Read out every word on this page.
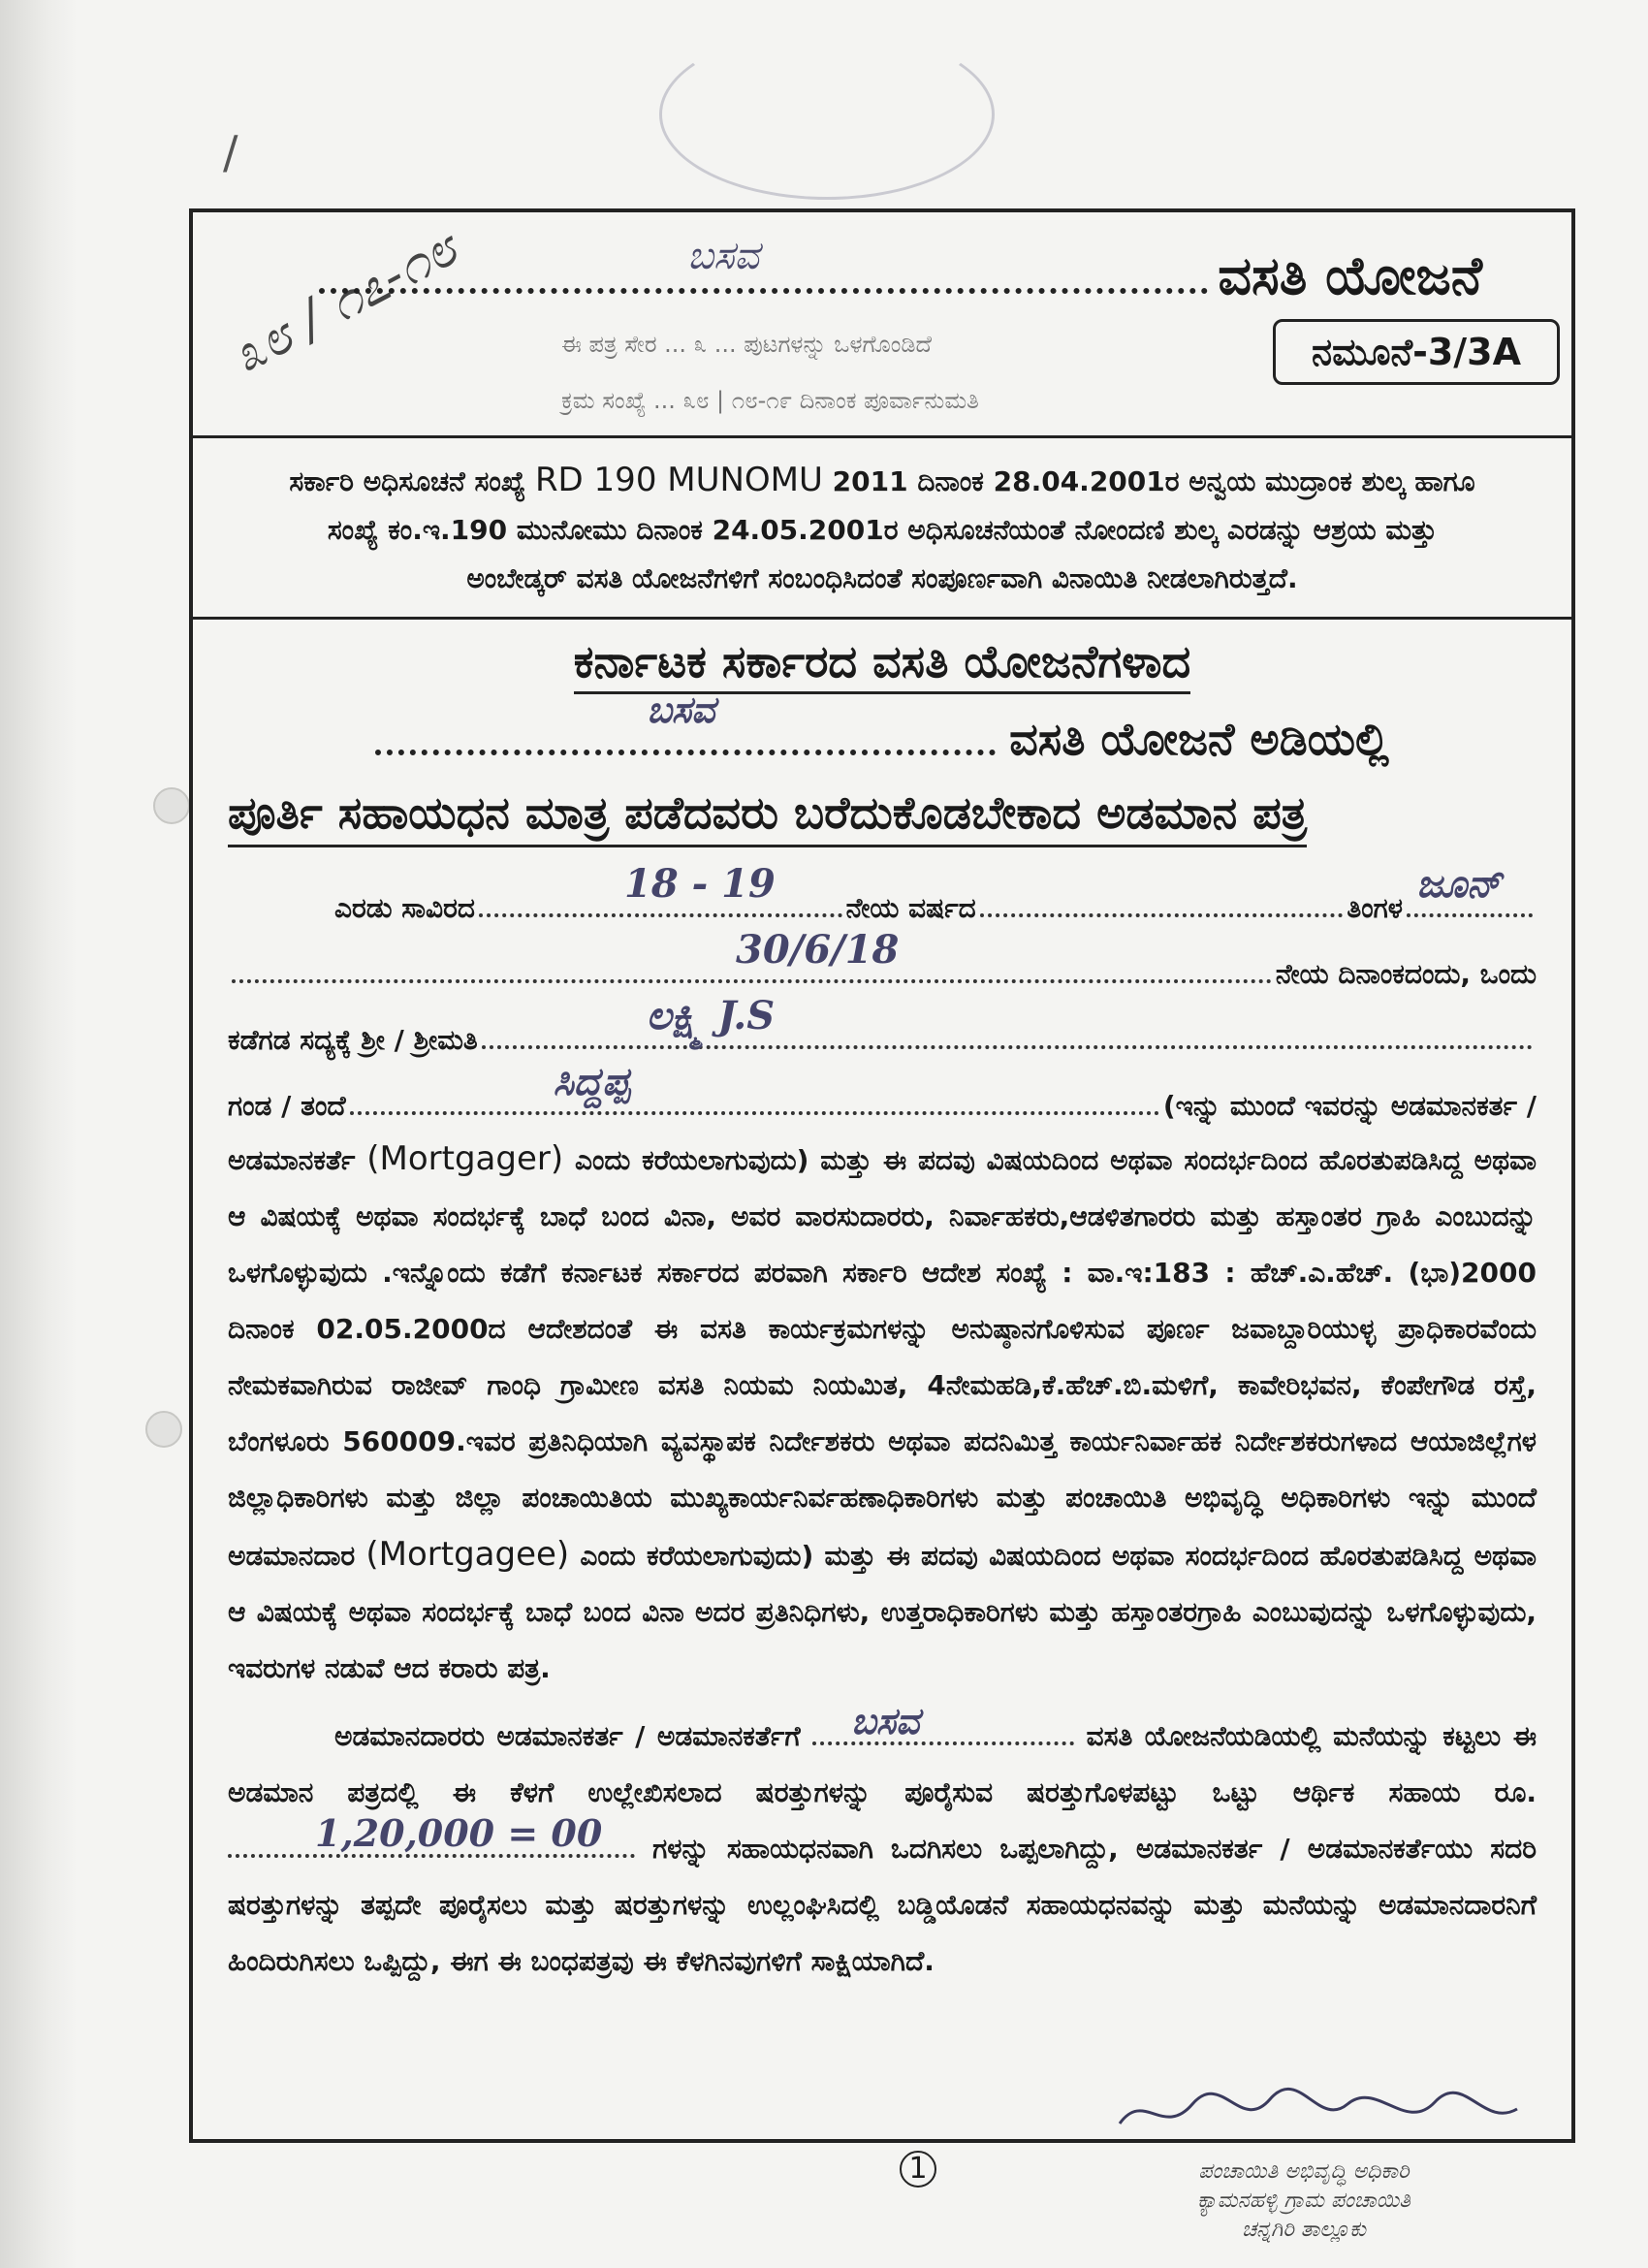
/
೩೮ / ೧೭-೧೮	ಬಸವ	ವಸತಿ ಯೋಜನೆ
ಈ ಪತ್ರ ಸೇರ ... ೩ ... ಪುಟಗಳನ್ನು ಒಳಗೊಂಡಿದೆ
ಕ್ರಮ ಸಂಖ್ಯೆ ... ೩೮ | ೧೮-೧೯ ದಿನಾಂಕ ಪೂರ್ವಾನುಮತಿ
ನಮೂನೆ-3/3A
ಸರ್ಕಾರಿ ಅಧಿಸೂಚನೆ ಸಂಖ್ಯೆ RD 190 MUNOMU 2011 ದಿನಾಂಕ 28.04.2001ರ ಅನ್ವಯ ಮುದ್ರಾಂಕ ಶುಲ್ಕ ಹಾಗೂ
ಸಂಖ್ಯೆ ಕಂ.ಇ.190 ಮುನೋಮು ದಿನಾಂಕ 24.05.2001ರ ಅಧಿಸೂಚನೆಯಂತೆ ನೋಂದಣಿ ಶುಲ್ಕ ಎರಡನ್ನು ಆಶ್ರಯ ಮತ್ತು
ಅಂಬೇಡ್ಕರ್ ವಸತಿ ಯೋಜನೆಗಳಿಗೆ ಸಂಬಂಧಿಸಿದಂತೆ ಸಂಪೂರ್ಣವಾಗಿ ವಿನಾಯಿತಿ ನೀಡಲಾಗಿರುತ್ತದೆ.
ಕರ್ನಾಟಕ ಸರ್ಕಾರದ ವಸತಿ ಯೋಜನೆಗಳಾದ
ಬಸವ
ವಸತಿ ಯೋಜನೆ ಅಡಿಯಲ್ಲಿ
ಪೂರ್ತಿ ಸಹಾಯಧನ ಮಾತ್ರ ಪಡೆದವರು ಬರೆದುಕೊಡಬೇಕಾದ ಅಡಮಾನ ಪತ್ರ
ಎರಡು ಸಾವಿರದ
18 - 19
ನೇಯ ವರ್ಷದ	ತಿಂಗಳ
ಜೂನ್
30/6/18
ನೇಯ ದಿನಾಂಕದಂದು, ಒಂದು
ಕಡೆಗಡ ಸದ್ಯಕ್ಕೆ ಶ್ರೀ / ಶ್ರೀಮತಿ
ಲಕ್ಷ್ಮಿ J.S
ಗಂಡ / ತಂದೆ
ಸಿದ್ದಪ್ಪ
(ಇನ್ನು ಮುಂದೆ ಇವರನ್ನು ಅಡಮಾನಕರ್ತ /
ಅಡಮಾನಕರ್ತೆ (Mortgager) ಎಂದು ಕರೆಯಲಾಗುವುದು) ಮತ್ತು ಈ ಪದವು ವಿಷಯದಿಂದ ಅಥವಾ ಸಂದರ್ಭದಿಂದ ಹೊರತುಪಡಿಸಿದ್ದ ಅಥವಾ ಆ ವಿಷಯಕ್ಕೆ ಅಥವಾ ಸಂದರ್ಭಕ್ಕೆ ಬಾಧೆ ಬಂದ ವಿನಾ, ಅವರ ವಾರಸುದಾರರು, ನಿರ್ವಾಹಕರು,ಆಡಳಿತಗಾರರು ಮತ್ತು ಹಸ್ತಾಂತರ ಗ್ರಾಹಿ ಎಂಬುದನ್ನು ಒಳಗೊಳ್ಳುವುದು .ಇನ್ನೊಂದು ಕಡೆಗೆ ಕರ್ನಾಟಕ ಸರ್ಕಾರದ ಪರವಾಗಿ ಸರ್ಕಾರಿ ಆದೇಶ ಸಂಖ್ಯೆ : ವಾ.ಇ:183 : ಹೆಚ್.ಎ.ಹೆಚ್. (ಭಾ)2000 ದಿನಾಂಕ 02.05.2000ದ ಆದೇಶದಂತೆ ಈ ವಸತಿ ಕಾರ್ಯಕ್ರಮಗಳನ್ನು ಅನುಷ್ಠಾನಗೊಳಿಸುವ ಪೂರ್ಣ ಜವಾಬ್ದಾರಿಯುಳ್ಳ ಪ್ರಾಧಿಕಾರವೆಂದು ನೇಮಕವಾಗಿರುವ ರಾಜೀವ್ ಗಾಂಧಿ ಗ್ರಾಮೀಣ ವಸತಿ ನಿಯಮ ನಿಯಮಿತ, 4ನೇಮಹಡಿ,ಕೆ.ಹೆಚ್.ಬಿ.ಮಳಿಗೆ, ಕಾವೇರಿಭವನ, ಕೆಂಪೇಗೌಡ ರಸ್ತೆ, ಬೆಂಗಳೂರು 560009.ಇವರ ಪ್ರತಿನಿಧಿಯಾಗಿ ವ್ಯವಸ್ಥಾಪಕ ನಿರ್ದೇಶಕರು ಅಥವಾ ಪದನಿಮಿತ್ತ ಕಾರ್ಯನಿರ್ವಾಹಕ ನಿರ್ದೇಶಕರುಗಳಾದ ಆಯಾಜಿಲ್ಲೆಗಳ ಜಿಲ್ಲಾಧಿಕಾರಿಗಳು ಮತ್ತು ಜಿಲ್ಲಾ ಪಂಚಾಯಿತಿಯ ಮುಖ್ಯಕಾರ್ಯನಿರ್ವಹಣಾಧಿಕಾರಿಗಳು ಮತ್ತು ಪಂಚಾಯಿತಿ ಅಭಿವೃದ್ಧಿ ಅಧಿಕಾರಿಗಳು ಇನ್ನು ಮುಂದೆ ಅಡಮಾನದಾರ (Mortgagee) ಎಂದು ಕರೆಯಲಾಗುವುದು) ಮತ್ತು ಈ ಪದವು ವಿಷಯದಿಂದ ಅಥವಾ ಸಂದರ್ಭದಿಂದ ಹೊರತುಪಡಿಸಿದ್ದ ಅಥವಾ ಆ ವಿಷಯಕ್ಕೆ ಅಥವಾ ಸಂದರ್ಭಕ್ಕೆ ಬಾಧೆ ಬಂದ ವಿನಾ ಅದರ ಪ್ರತಿನಿಧಿಗಳು, ಉತ್ತರಾಧಿಕಾರಿಗಳು ಮತ್ತು ಹಸ್ತಾಂತರಗ್ರಾಹಿ ಎಂಬುವುದನ್ನು ಒಳಗೊಳ್ಳುವುದು, ಇವರುಗಳ ನಡುವೆ ಆದ ಕರಾರು ಪತ್ರ.
ಅಡಮಾನದಾರರು ಅಡಮಾನಕರ್ತ / ಅಡಮಾನಕರ್ತೆಗೆ ಬಸವ	ವಸತಿ ಯೋಜನೆಯಡಿಯಲ್ಲಿ ಮನೆಯನ್ನು ಕಟ್ಟಲು ಈ ಅಡಮಾನ ಪತ್ರದಲ್ಲಿ ಈ ಕೆಳಗೆ ಉಲ್ಲೇಖಿಸಲಾದ ಷರತ್ತುಗಳನ್ನು ಪೂರೈಸುವ ಷರತ್ತುಗೊಳಪಟ್ಟು ಒಟ್ಟು ಆರ್ಥಿಕ ಸಹಾಯ ರೂ.
1,20,000 = 00 ಗಳನ್ನು ಸಹಾಯಧನವಾಗಿ ಒದಗಿಸಲು ಒಪ್ಪಲಾಗಿದ್ದು, ಅಡಮಾನಕರ್ತ / ಅಡಮಾನಕರ್ತೆಯು ಸದರಿ ಷರತ್ತುಗಳನ್ನು ತಪ್ಪದೇ ಪೂರೈಸಲು ಮತ್ತು ಷರತ್ತುಗಳನ್ನು ಉಲ್ಲಂಘಿಸಿದಲ್ಲಿ ಬಡ್ಡಿಯೊಡನೆ ಸಹಾಯಧನವನ್ನು ಮತ್ತು ಮನೆಯನ್ನು ಅಡಮಾನದಾರನಿಗೆ ಹಿಂದಿರುಗಿಸಲು ಒಪ್ಪಿದ್ದು, ಈಗ ಈ ಬಂಧಪತ್ರವು ಈ ಕೆಳಗಿನವುಗಳಿಗೆ ಸಾಕ್ಷಿಯಾಗಿದೆ.
1	ಪಂಚಾಯಿತಿ ಅಭಿವೃದ್ಧಿ ಅಧಿಕಾರಿ
ಕ್ಯಾಮನಹಳ್ಳಿ ಗ್ರಾಮ ಪಂಚಾಯಿತಿ
ಚನ್ನಗಿರಿ ತಾಲ್ಲೂಕು
